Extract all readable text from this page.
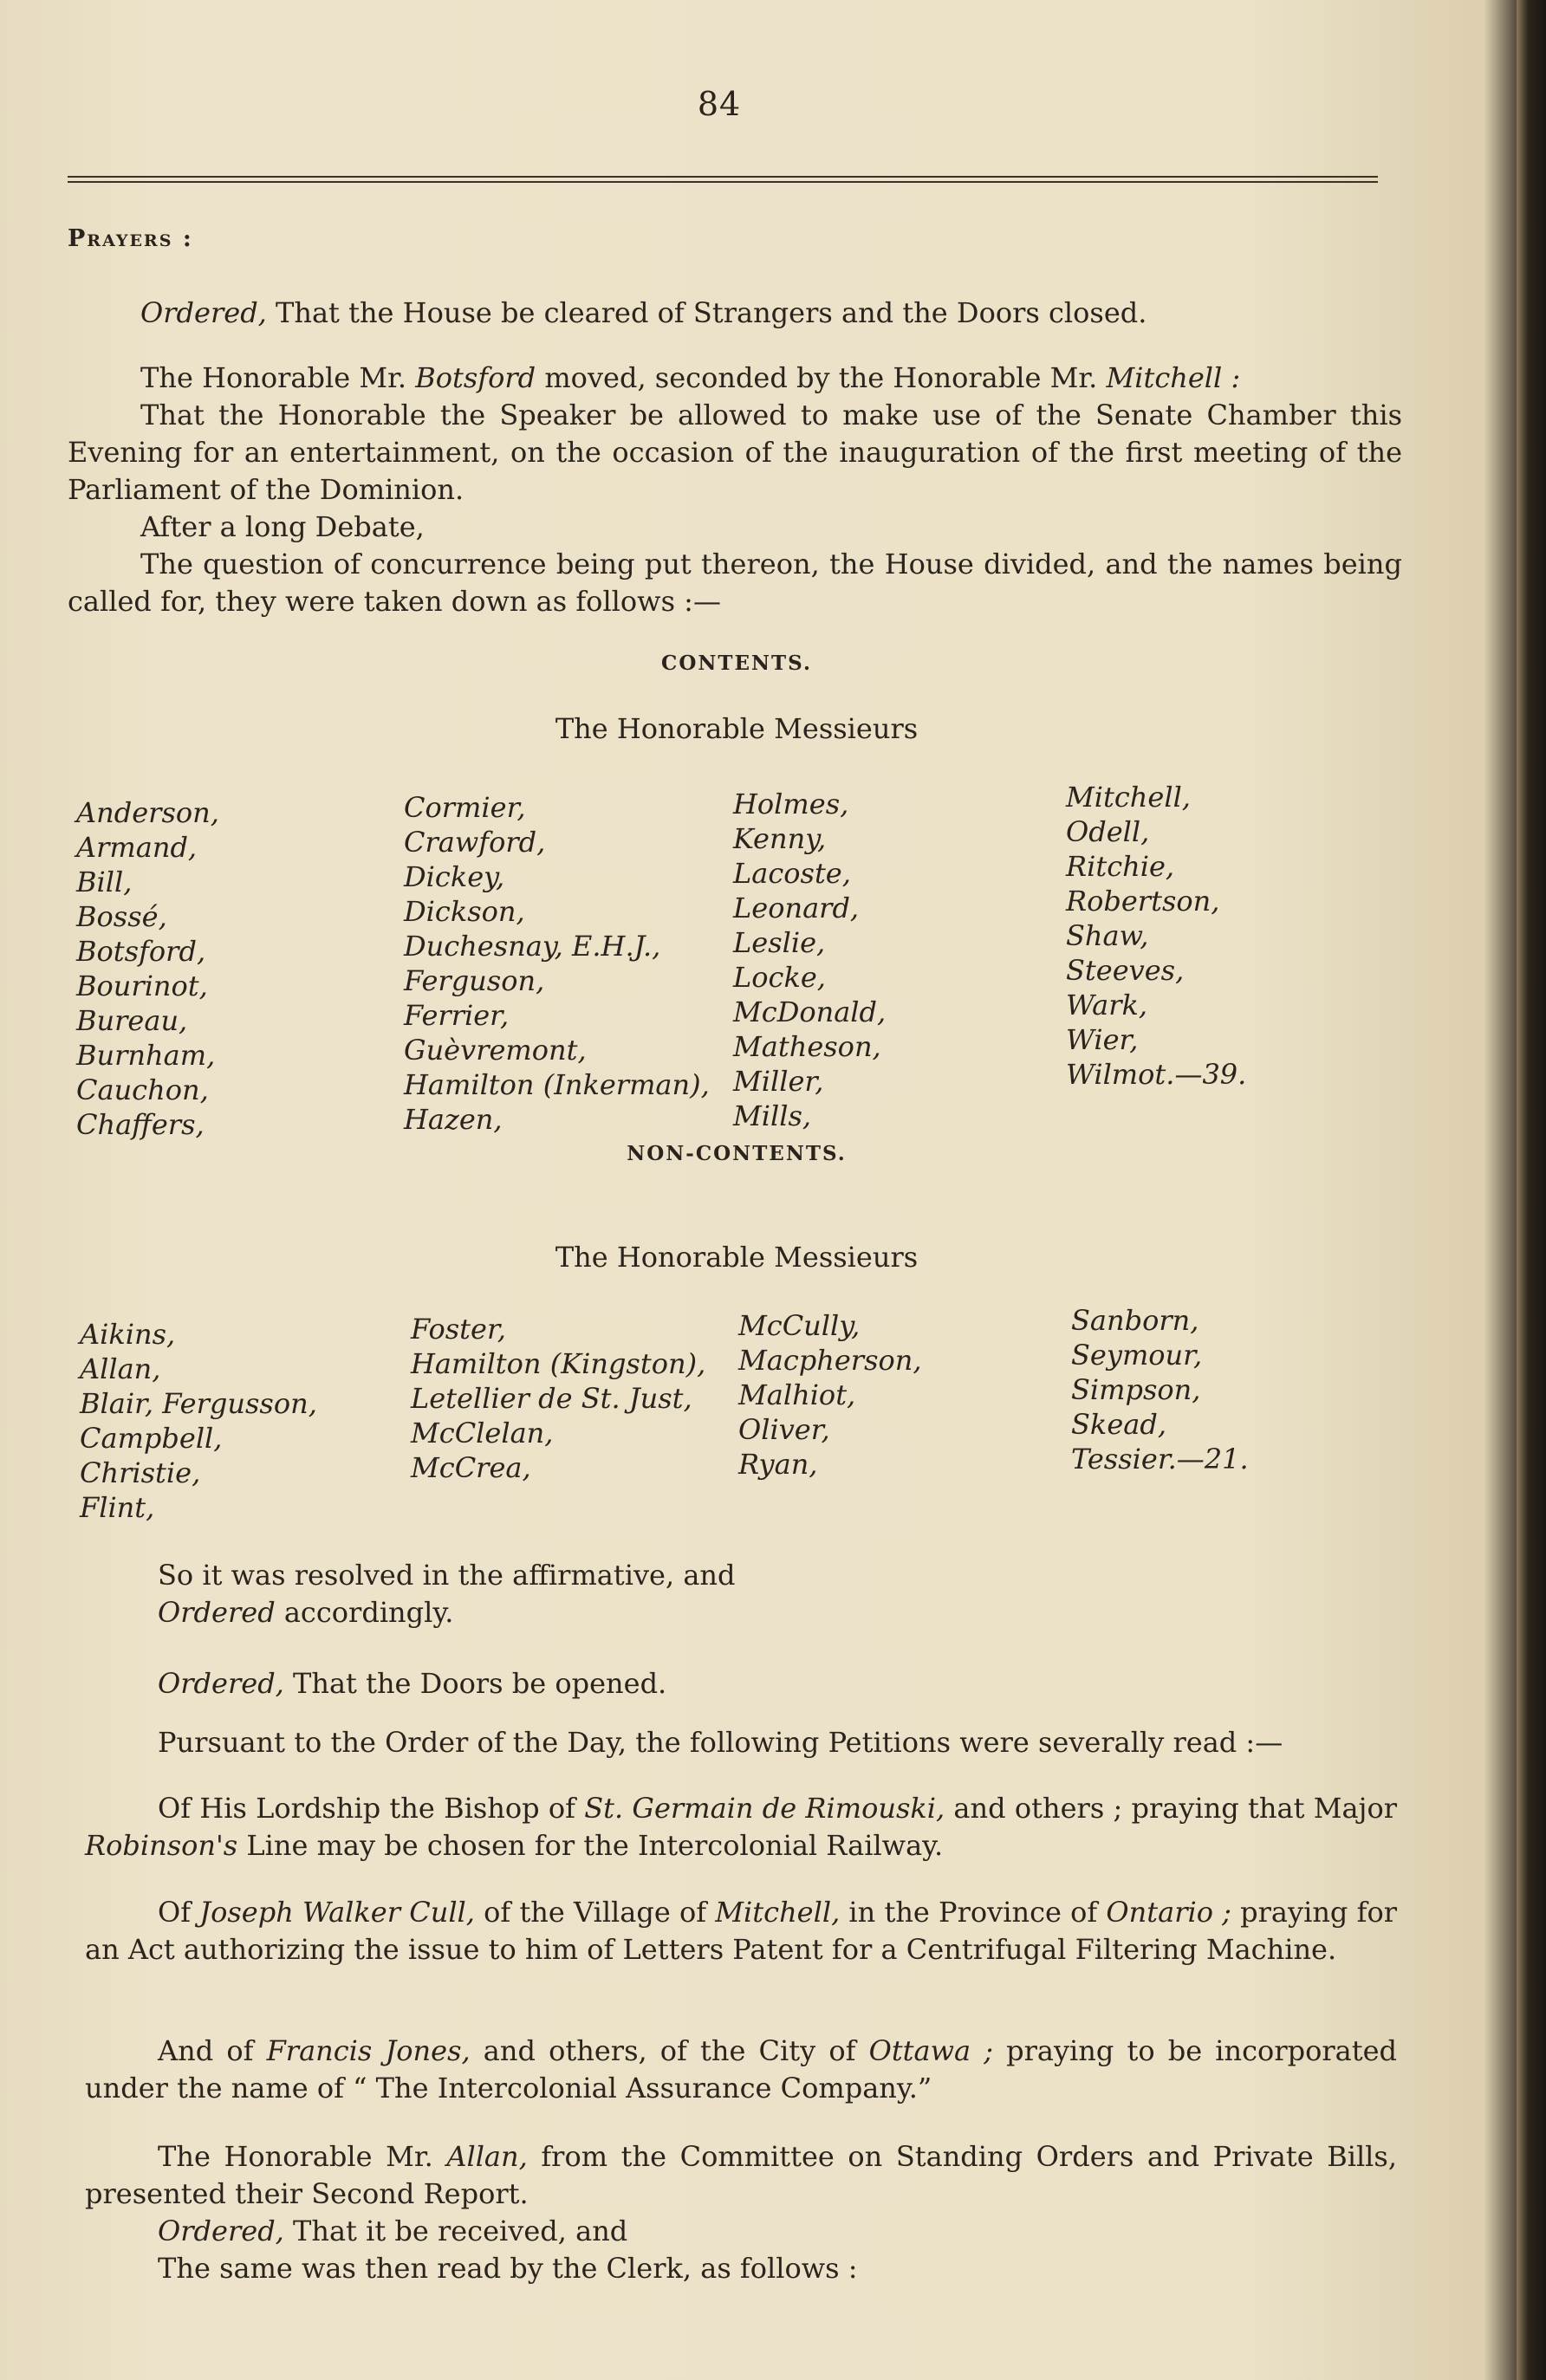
84
Prayers :
Ordered, That the House be cleared of Strangers and the Doors closed.
The Honorable Mr. Botsford moved, seconded by the Honorable Mr. Mitchell :
That the Honorable the Speaker be allowed to make use of the Senate Chamber this Evening for an entertainment, on the occasion of the inauguration of the first meeting of the Parliament of the Dominion.
After a long Debate,
The question of concurrence being put thereon, the House divided, and the names being called for, they were taken down as follows :—
CONTENTS.
The Honorable Messieurs
Anderson,
Armand,
Bill,
Bossé,
Botsford,
Bourinot,
Bureau,
Burnham,
Cauchon,
Chaffers,
Cormier,
Crawford,
Dickey,
Dickson,
Duchesnay, E.H.J.,
Ferguson,
Ferrier,
Guèvremont,
Hamilton (Inkerman),
Hazen,
Holmes,
Kenny,
Lacoste,
Leonard,
Leslie,
Locke,
McDonald,
Matheson,
Miller,
Mills,
Mitchell,
Odell,
Ritchie,
Robertson,
Shaw,
Steeves,
Wark,
Wier,
Wilmot.—39.
NON-CONTENTS.
The Honorable Messieurs
Aikins,
Allan,
Blair, Fergusson,
Campbell,
Christie,
Flint,
Foster,
Hamilton (Kingston),
Letellier de St. Just,
McClelan,
McCrea,
McCully,
Macpherson,
Malhiot,
Oliver,
Ryan,
Sanborn,
Seymour,
Simpson,
Skead,
Tessier.—21.
So it was resolved in the affirmative, and
Ordered accordingly.
Ordered, That the Doors be opened.
Pursuant to the Order of the Day, the following Petitions were severally read :—
Of His Lordship the Bishop of St. Germain de Rimouski, and others ; praying that Major Robinson's Line may be chosen for the Intercolonial Railway.
Of Joseph Walker Cull, of the Village of Mitchell, in the Province of Ontario ; praying for an Act authorizing the issue to him of Letters Patent for a Centrifugal Filtering Machine.
And of Francis Jones, and others, of the City of Ottawa ; praying to be incorporated under the name of “ The Intercolonial Assurance Company.”
The Honorable Mr. Allan, from the Committee on Standing Orders and Private Bills, presented their Second Report.
Ordered, That it be received, and
The same was then read by the Clerk, as follows :
